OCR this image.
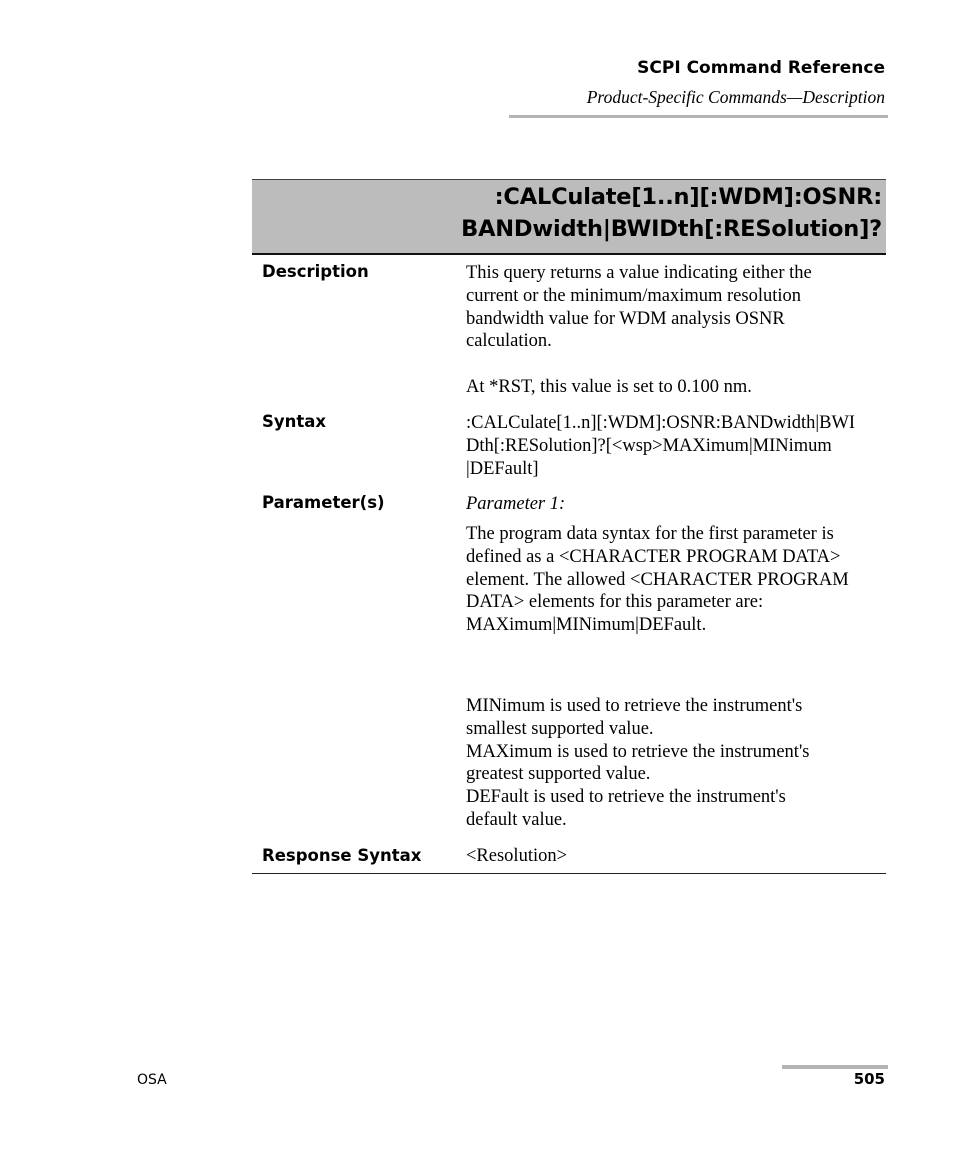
SCPI Command Reference
Product-Specific Commands—Description
:CALCulate[1..n][:WDM]:OSNR:
BANDwidth|BWIDth[:RESolution]?
Description	This query returns a value indicating either the
current or the minimum/maximum resolution
bandwidth value for WDM analysis OSNR
calculation.
At *RST, this value is set to 0.100 nm.
Syntax	:CALCulate[1..n][:WDM]:OSNR:BANDwidth|BWI
Dth[:RESolution]?[<wsp>MAXimum|MINimum
|DEFault]
Parameter(s)	Parameter 1:
The program data syntax for the first parameter is
defined as a <CHARACTER PROGRAM DATA>
element. The allowed <CHARACTER PROGRAM
DATA> elements for this parameter are:
MAXimum|MINimum|DEFault.
MINimum is used to retrieve the instrument's
smallest supported value.
MAXimum is used to retrieve the instrument's
greatest supported value.
DEFault is used to retrieve the instrument's
default value.
Response Syntax <Resolution>
OSA	505
